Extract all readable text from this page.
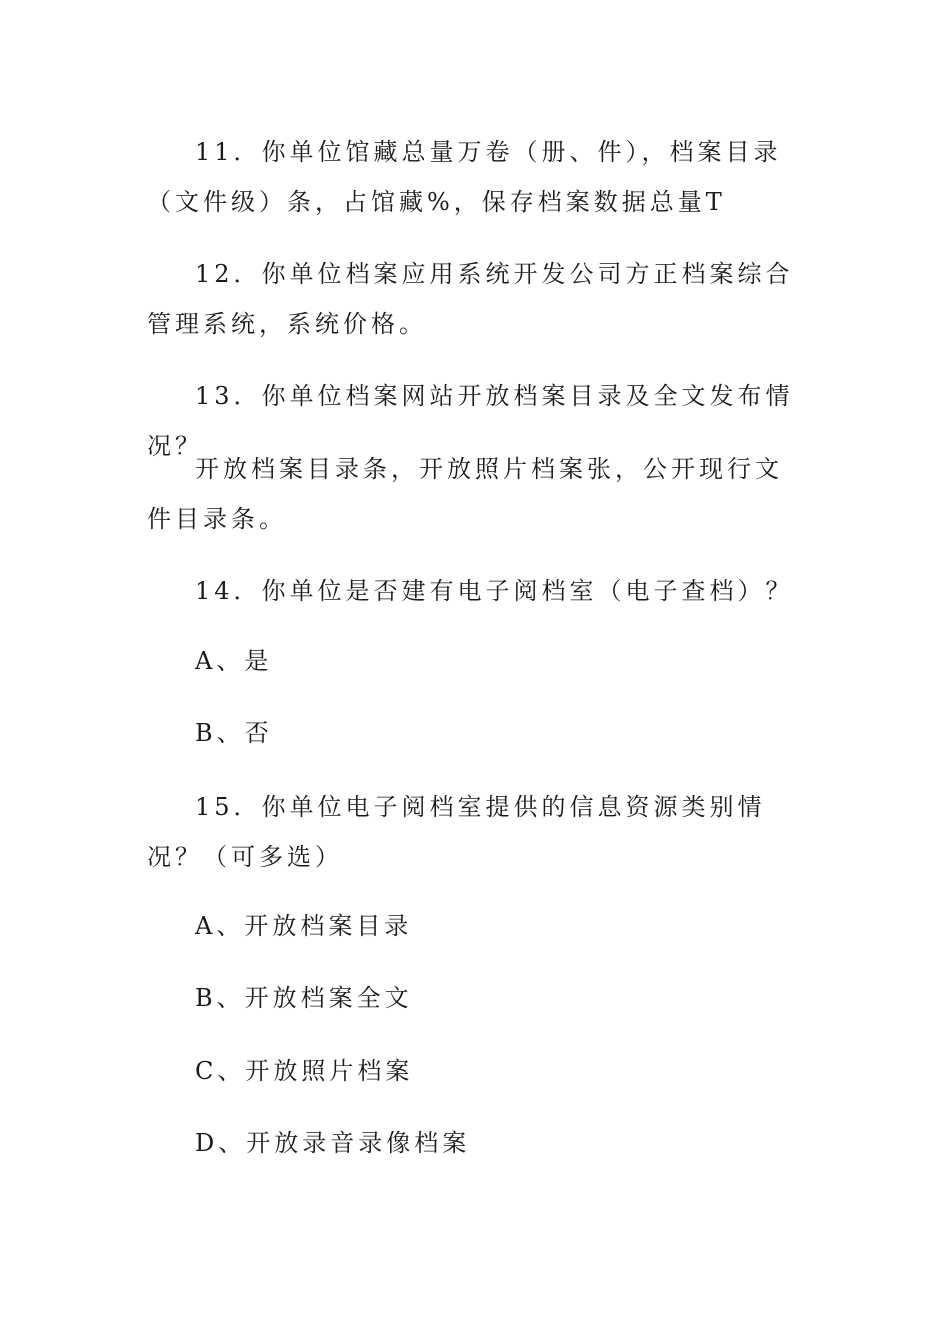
11．你单位馆藏总量万卷（册、件），档案目录（文件级）条，占馆藏%，保存档案数据总量T

12．你单位档案应用系统开发公司方正档案综合管理系统，系统价格。

13．你单位档案网站开放档案目录及全文发布情况？

开放档案目录条，开放照片档案张，公开现行文件目录条。

14．你单位是否建有电子阅档室（电子查档）？

A、是

B、否

15．你单位电子阅档室提供的信息资源类别情况？（可多选）

A、开放档案目录

B、开放档案全文

C、开放照片档案

D、开放录音录像档案
